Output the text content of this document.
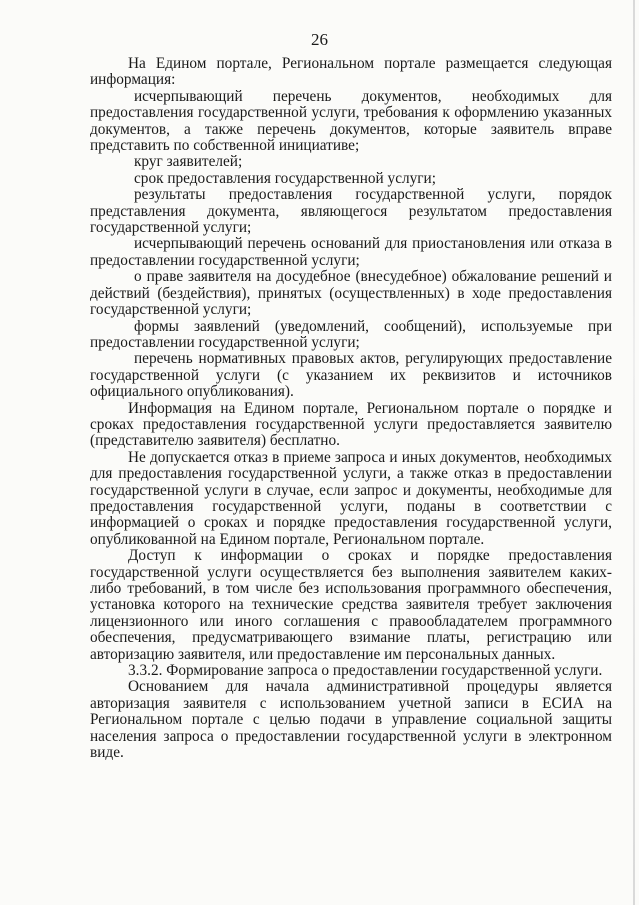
26

На Едином портале, Региональном портале размещается следующая информация:

исчерпывающий перечень документов, необходимых для предоставления государственной услуги, требования к оформлению указанных документов, а также перечень документов, которые заявитель вправе представить по собственной инициативе;

круг заявителей;

срок предоставления государственной услуги;

результаты предоставления государственной услуги, порядок представления документа, являющегося результатом предоставления государственной услуги;

исчерпывающий перечень оснований для приостановления или отказа в предоставлении государственной услуги;

о праве заявителя на досудебное (внесудебное) обжалование решений и действий (бездействия), принятых (осуществленных) в ходе предоставления государственной услуги;

формы заявлений (уведомлений, сообщений), используемые при предоставлении государственной услуги;

перечень нормативных правовых актов, регулирующих предоставление государственной услуги (с указанием их реквизитов и источников официального опубликования).

Информация на Едином портале, Региональном портале о порядке и сроках предоставления государственной услуги предоставляется заявителю (представителю заявителя) бесплатно.

Не допускается отказ в приеме запроса и иных документов, необходимых для предоставления государственной услуги, а также отказ в предоставлении государственной услуги в случае, если запрос и документы, необходимые для предоставления государственной услуги, поданы в соответствии с информацией о сроках и порядке предоставления государственной услуги, опубликованной на Едином портале, Региональном портале.

Доступ к информации о сроках и порядке предоставления государственной услуги осуществляется без выполнения заявителем каких-либо требований, в том числе без использования программного обеспечения, установка которого на технические средства заявителя требует заключения лицензионного или иного соглашения с правообладателем программного обеспечения, предусматривающего взимание платы, регистрацию или авторизацию заявителя, или предоставление им персональных данных.

3.3.2. Формирование запроса о предоставлении государственной услуги.

Основанием для начала административной процедуры является авторизация заявителя с использованием учетной записи в ЕСИА на Региональном портале с целью подачи в управление социальной защиты населения запроса о предоставлении государственной услуги в электронном виде.
